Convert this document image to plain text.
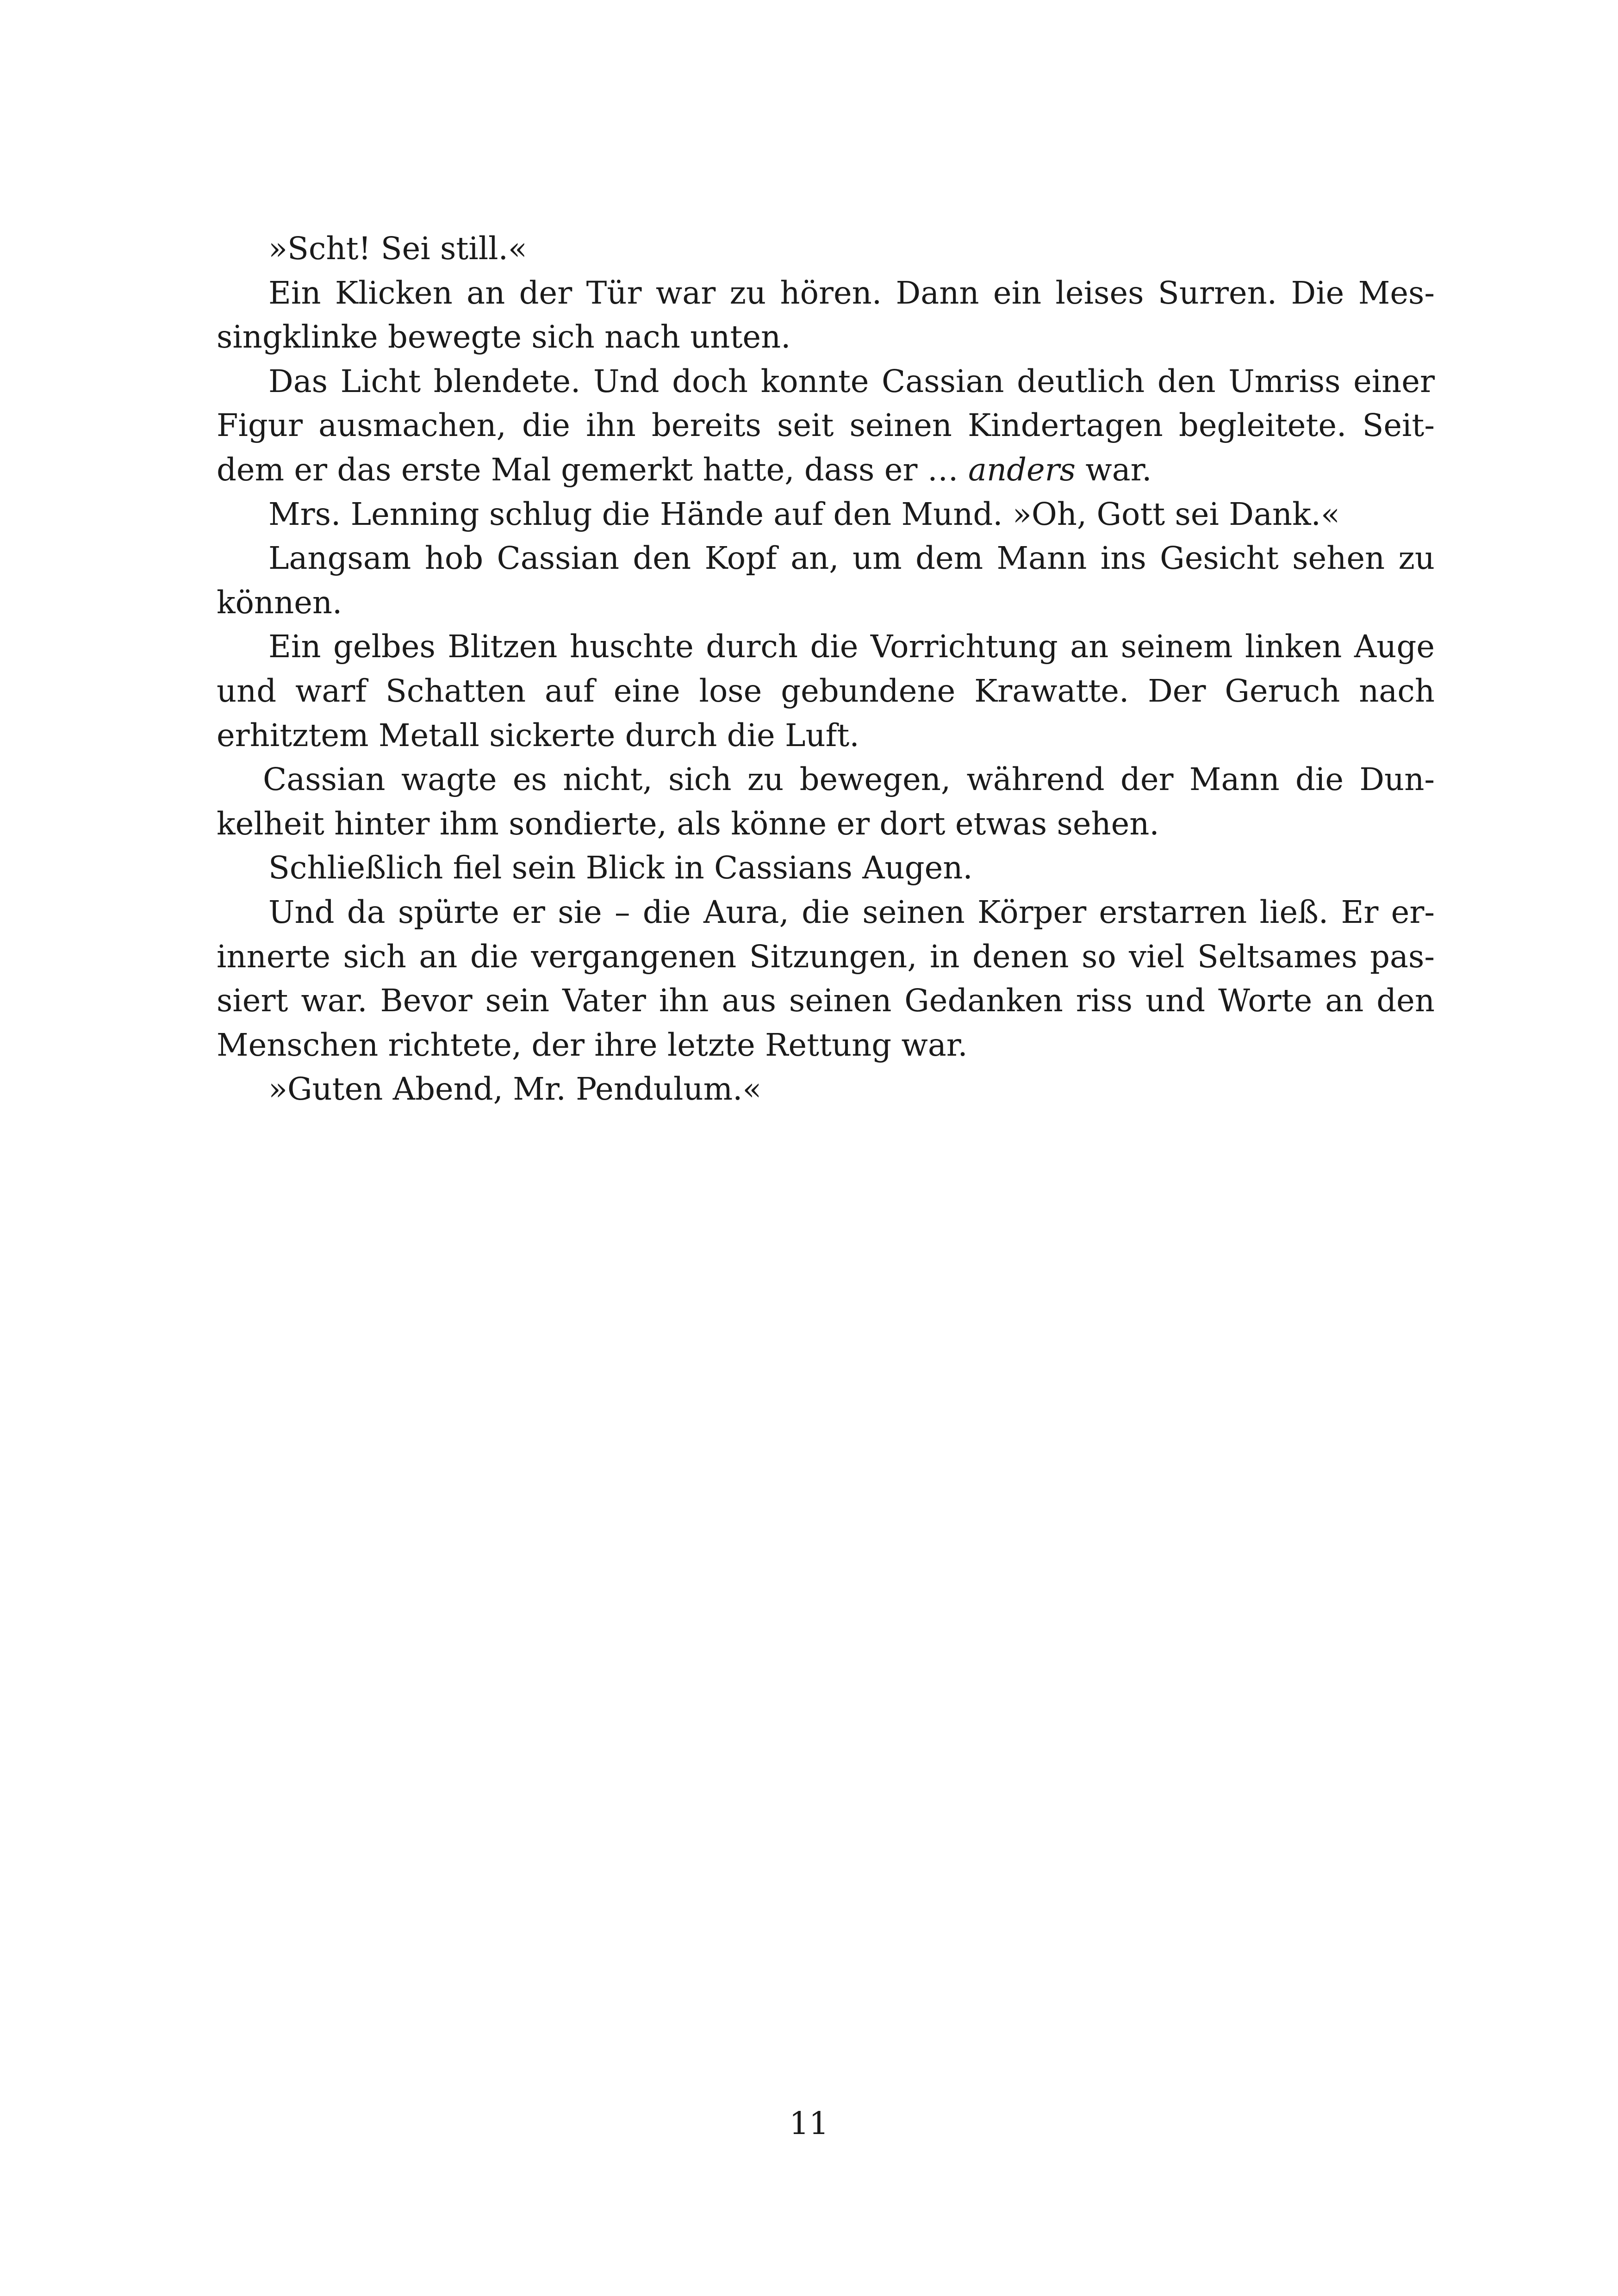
»Scht! Sei still.«

Ein Klicken an der Tür war zu hören. Dann ein leises Surren. Die Mes-
singklinke bewegte sich nach unten.

Das Licht blendete. Und doch konnte Cassian deutlich den Umriss einer
Figur ausmachen, die ihn bereits seit seinen Kindertagen begleitete. Seit-
dem er das erste Mal gemerkt hatte, dass er … anders war.

Mrs. Lenning schlug die Hände auf den Mund. »Oh, Gott sei Dank.«

Langsam hob Cassian den Kopf an, um dem Mann ins Gesicht sehen zu
können.

Ein gelbes Blitzen huschte durch die Vorrichtung an seinem linken Auge
und warf Schatten auf eine lose gebundene Krawatte. Der Geruch nach
erhitztem Metall sickerte durch die Luft.

Cassian wagte es nicht, sich zu bewegen, während der Mann die Dun-
kelheit hinter ihm sondierte, als könne er dort etwas sehen.

Schließlich fiel sein Blick in Cassians Augen.

Und da spürte er sie – die Aura, die seinen Körper erstarren ließ. Er er-
innerte sich an die vergangenen Sitzungen, in denen so viel Seltsames pas-
siert war. Bevor sein Vater ihn aus seinen Gedanken riss und Worte an den
Menschen richtete, der ihre letzte Rettung war.

»Guten Abend, Mr. Pendulum.«

11
